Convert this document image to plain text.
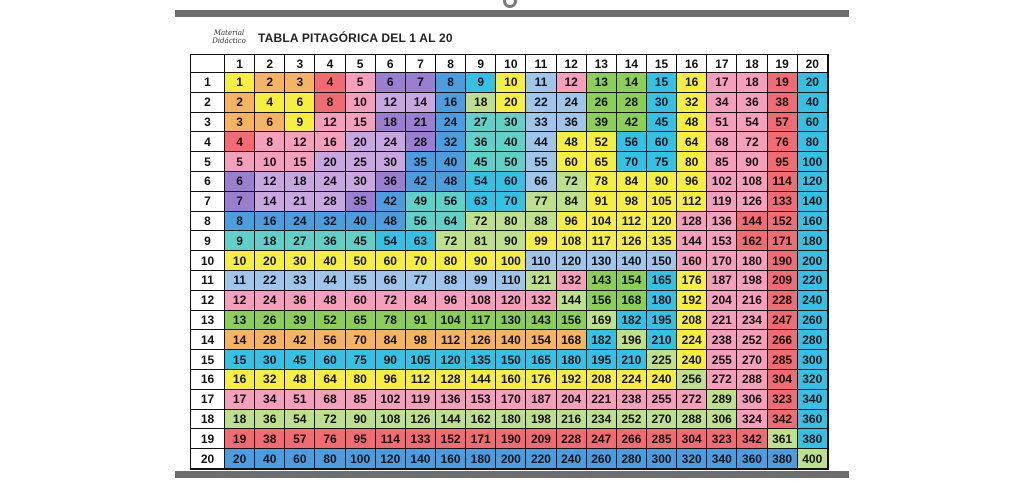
Material
Didáctico TABLA PITAGÓRICA DEL 1 AL 20
1	2	3	4	5	6	7	8	9	10	11	12	13	14	15	16	17	18	19	20
1	1	2	3	4	5	6	7	8	9	10	11	12	13	14	15	16	17	18	19	20
2	2	4	6	8	10	12	14	16	18	20	22	24	26	28	30	32	34	36	38	40
3	3	6	9	12	15	18	21	24	27	30	33	36	39	42	45	48	51	54	57	60
4	4	8	12	16	20	24	28	32	36	40	44	48	52	56	60	64	68	72	76	80
5	5	10	15	20	25	30	35	40	45	50	55	60	65	70	75	80	85	90	95	100
6	6	12	18	24	30	36	42	48	54	60	66	72	78	84	90	96	102 108 114 120
7	7	14	21	28	35	42	49	56	63	70	77	84	91	98	105 112 119 126 133 140
8	8	16	24	32	40	48	56	64	72	80	88	96	104 112 120 128 136 144 152 160
9	9	18	27	36	45	54	63	72	81	90	99	108 117 126 135 144 153 162 171 180
10	10	20	30	40	50	60	70	80	90	100 110 120 130 140 150 160 170 180 190 200
11	11	22	33	44	55	66	77	88	99	110 121 132 143 154 165 176 187 198 209 220
12	12	24	36	48	60	72	84	96	108 120 132 144 156 168 180 192 204 216 228 240
13	13	26	39	52	65	78	91	104 117 130 143 156 169 182 195 208 221 234 247 260
14	14	28	42	56	70	84	98	112 126 140 154 168 182 196 210 224 238 252 266 280
15	15	30	45	60	75	90	105 120 135 150 165 180 195 210 225 240 255 270 285 300
16	16	32	48	64	80	96	112 128 144 160 176 192 208 224 240 256 272 288 304 320
17	17	34	51	68	85	102 119 136 153 170 187 204 221 238 255 272 289 306 323 340
18	18	36	54	72	90	108 126 144 162 180 198 216 234 252 270 288 306 324 342 360
19	19	38	57	76	95	114 133 152 171 190 209 228 247 266 285 304 323 342 361 380
20	20	40	60	80	100 120 140 160 180 200 220 240 260 280 300 320 340 360 380 400
